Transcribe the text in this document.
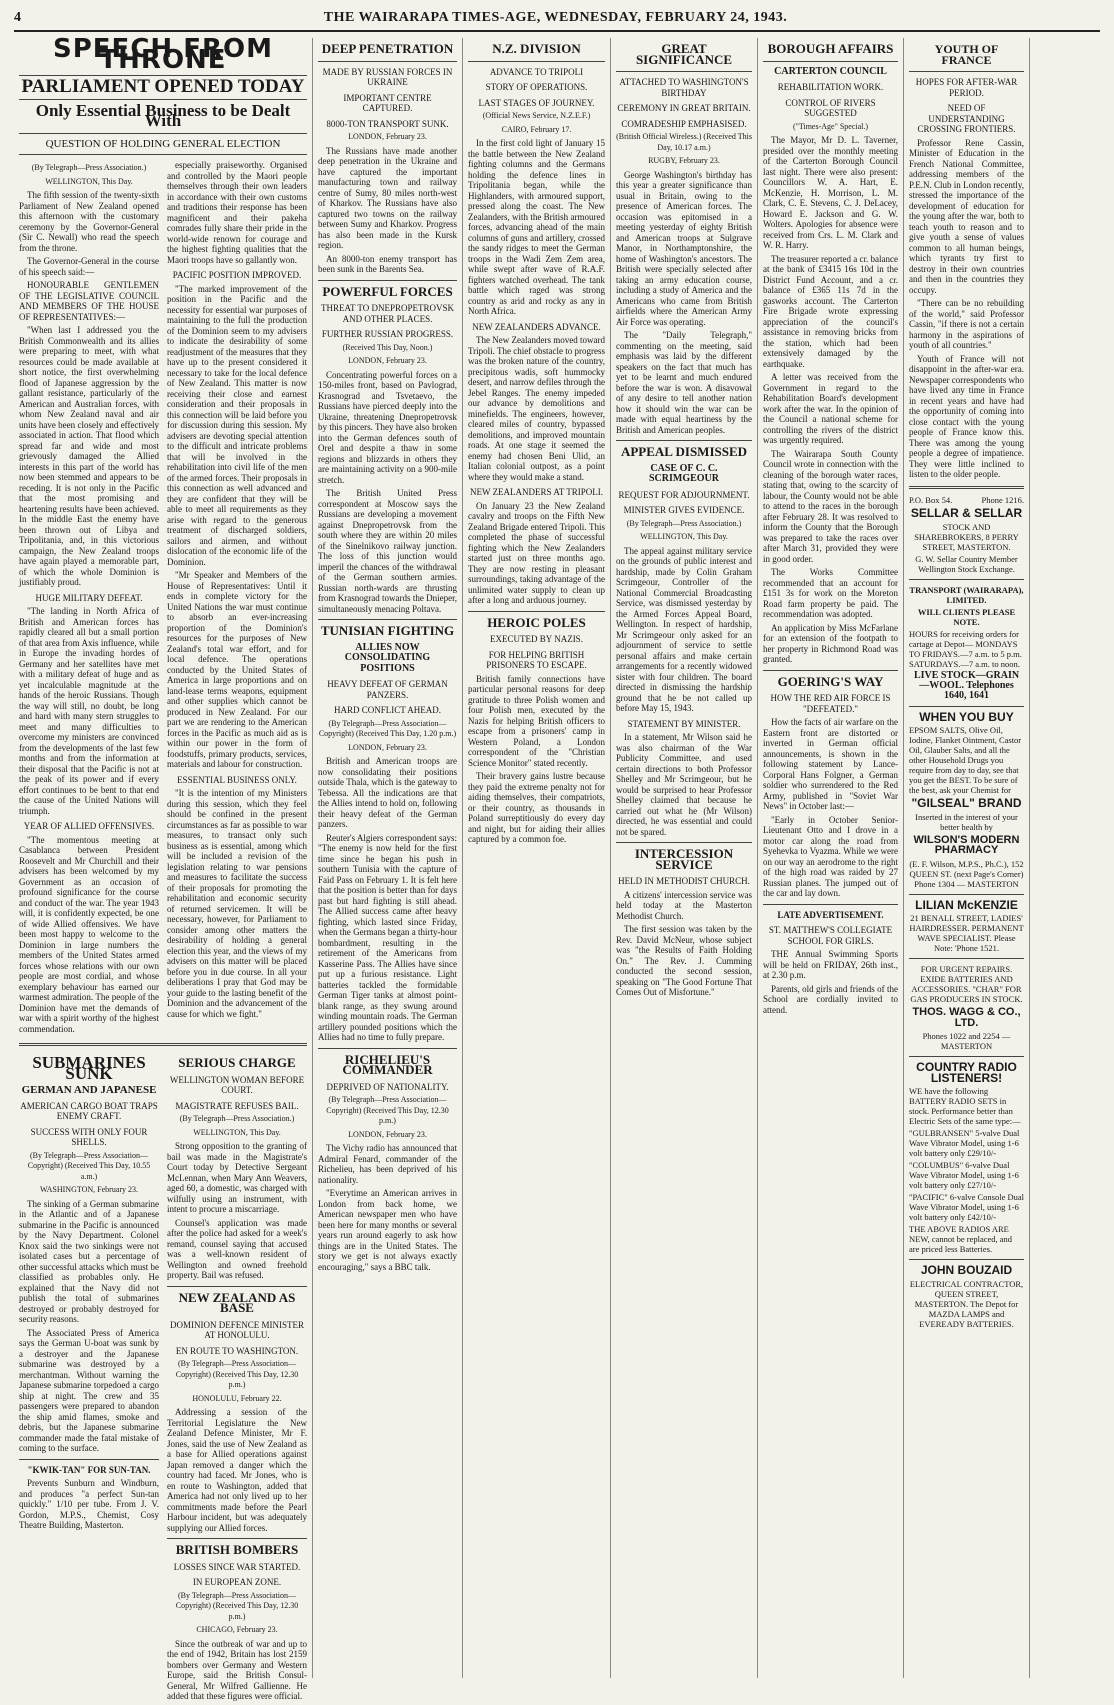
4	THE WAIRARAPA TIMES-AGE, WEDNESDAY, FEBRUARY 24, 1943.
SPEECH FROM THRONE
PARLIAMENT OPENED TODAY
Only Essential Business to be Dealt With
QUESTION OF HOLDING GENERAL ELECTION

(By Telegraph—Press Association.)

WELLINGTON, This Day.

The fifth session of the twenty-sixth Parliament of New Zealand opened this afternoon with the customary ceremony by the Governor-General (Sir C. Newall) who read the speech from the throne.

The Governor-General in the course of his speech said:—

HONOURABLE GENTLEMEN OF THE LEGISLATIVE COUNCIL AND MEMBERS OF THE HOUSE OF REPRESENTATIVES:—

"When last I addressed you the British Commonwealth and its allies were preparing to meet, with what resources could be made available at short notice, the first overwhelming flood of Japanese aggression by the gallant resistance, particularly of the American and Australian forces, with whom New Zealand naval and air units have been closely and effectively associated in action. That flood which spread far and wide and most grievously damaged the Allied interests in this part of the world has now been stemmed and appears to be receding. It is not only in the Pacific that the most promising and heartening results have been achieved. In the middle East the enemy have been thrown out of Libya and Tripolitania, and, in this victorious campaign, the New Zealand troops have again played a memorable part, of which the whole Dominion is justifiably proud.

HUGE MILITARY DEFEAT.

"The landing in North Africa of British and American forces has rapidly cleared all but a small portion of that area from Axis influence, while in Europe the invading hordes of Germany and her satellites have met with a military defeat of huge and as yet incalculable magnitude at the hands of the heroic Russians. Though the way will still, no doubt, be long and hard with many stern struggles to meet and many difficulties to overcome my ministers are convinced from the developments of the last few months and from the information at their disposal that the Pacific is not at the peak of its power and if every effort continues to be bent to that end the cause of the United Nations will triumph.

YEAR OF ALLIED OFFENSIVES.

"The momentous meeting at Casablanca between President Roosevelt and Mr Churchill and their advisers has been welcomed by my Government as an occasion of profound significance for the course and conduct of the war. The year 1943 will, it is confidently expected, be one of wide Allied offensives. We have been most happy to welcome to the Dominion in large numbers the members of the United States armed forces whose relations with our own people are most cordial, and whose exemplary behaviour has earned our warmest admiration. The people of the Dominion have met the demands of war with a spirit worthy of the highest commendation.

especially praiseworthy. Organised and controlled by the Maori people themselves through their own leaders in accordance with their own customs and traditions their response has been magnificent and their pakeha comrades fully share their pride in the world-wide renown for courage and the highest fighting qualities that the Maori troops have so gallantly won.

PACIFIC POSITION IMPROVED.

"The marked improvement of the position in the Pacific and the necessity for essential war purposes of maintaining to the full the production of the Dominion seem to my advisers to indicate the desirability of some readjustment of the measures that they have up to the present considered it necessary to take for the local defence of New Zealand. This matter is now receiving their close and earnest consideration and their proposals in this connection will be laid before you for discussion during this session. My advisers are devoting special attention to the difficult and intricate problems that will be involved in the rehabilitation into civil life of the men of the armed forces. Their proposals in this connection as well advanced and they are confident that they will be able to meet all requirements as they arise with regard to the generous treatment of discharged soldiers, sailors and airmen, and without dislocation of the economic life of the Dominion.

"Mr Speaker and Members of the House of Representatives: Until it ends in complete victory for the United Nations the war must continue to absorb an ever-increasing proportion of the Dominion's resources for the purposes of New Zealand's total war effort, and for local defence. The operations conducted by the United States of America in large proportions and on land-lease terms weapons, equipment and other supplies which cannot be produced in New Zealand. For our part we are rendering to the American forces in the Pacific as much aid as is within our power in the form of foodstuffs, primary products, services, materials and labour for construction.

ESSENTIAL BUSINESS ONLY.

"It is the intention of my Ministers during this session, which they feel should be confined in the present circumstances as far as possible to war measures, to transact only such business as is essential, among which will be included a revision of the legislation relating to war pensions and measures to facilitate the success of their proposals for promoting the rehabilitation and economic security of returned servicemen. It will be necessary, however, for Parliament to consider among other matters the desirability of holding a general election this year, and the views of my advisers on this matter will be placed before you in due course. In all your deliberations I pray that God may be your guide to the lasting benefit of the Dominion and the advancement of the cause for which we fight."

SUBMARINES SUNK
GERMAN AND JAPANESE
AMERICAN CARGO BOAT TRAPS ENEMY CRAFT.
SUCCESS WITH ONLY FOUR SHELLS.

(By Telegraph—Press Association—Copyright) (Received This Day, 10.55 a.m.)

WASHINGTON, February 23.

The sinking of a German submarine in the Atlantic and of a Japanese submarine in the Pacific is announced by the Navy Department. Colonel Knox said the two sinkings were not isolated cases but a percentage of other successful attacks which must be classified as probables only. He explained that the Navy did not publish the total of submarines destroyed or probably destroyed for security reasons.

The Associated Press of America says the German U-boat was sunk by a destroyer and the Japanese submarine was destroyed by a merchantman. Without warning the Japanese submarine torpedoed a cargo ship at night. The crew and 35 passengers were prepared to abandon the ship amid flames, smoke and debris, but the Japanese submarine commander made the fatal mistake of coming to the surface.

"KWIK-TAN" FOR SUN-TAN.

Prevents Sunburn and Windburn, and produces "a perfect Sun-tan quickly." 1/10 per tube. From J. V. Gordon, M.P.S., Chemist, Cosy Theatre Building, Masterton.

SERIOUS CHARGE
WELLINGTON WOMAN BEFORE COURT.
MAGISTRATE REFUSES BAIL.

(By Telegraph—Press Association.)

WELLINGTON, This Day.

Strong opposition to the granting of bail was made in the Magistrate's Court today by Detective Sergeant McLennan, when Mary Ann Weavers, aged 60, a domestic, was charged with wilfully using an instrument, with intent to procure a miscarriage.

Counsel's application was made after the police had asked for a week's remand, counsel saying that accused was a well-known resident of Wellington and owned freehold property. Bail was refused.

NEW ZEALAND AS BASE
DOMINION DEFENCE MINISTER AT HONOLULU.
EN ROUTE TO WASHINGTON.

(By Telegraph—Press Association—Copyright) (Received This Day, 12.30 p.m.)

HONOLULU, February 22.

Addressing a session of the Territorial Legislature the New Zealand Defence Minister, Mr F. Jones, said the use of New Zealand as a base for Allied operations against Japan removed a danger which the country had faced. Mr Jones, who is en route to Washington, added that America had not only lived up to her commitments made before the Pearl Harbour incident, but was adequately supplying our Allied forces.

BRITISH BOMBERS
LOSSES SINCE WAR STARTED.
IN EUROPEAN ZONE.

(By Telegraph—Press Association—Copyright) (Received This Day, 12.30 p.m.)

CHICAGO, February 23.

Since the outbreak of war and up to the end of 1942, Britain has lost 2159 bombers over Germany and Western Europe, said the British Consul-General, Mr Wilfred Gallienne. He added that these figures were official.

DEEP PENETRATION
MADE BY RUSSIAN FORCES IN UKRAINE
IMPORTANT CENTRE CAPTURED.
8000-TON TRANSPORT SUNK.

LONDON, February 23.

The Russians have made another deep penetration in the Ukraine and have captured the important manufacturing town and railway centre of Sumy, 80 miles north-west of Kharkov. The Russians have also captured two towns on the railway between Sumy and Kharkov. Progress has also been made in the Kursk region.

An 8000-ton enemy transport has been sunk in the Barents Sea.

POWERFUL FORCES
THREAT TO DNEPROPETROVSK AND OTHER PLACES.
FURTHER RUSSIAN PROGRESS.

(Received This Day, Noon.)

LONDON, February 23.

Concentrating powerful forces on a 150-miles front, based on Pavlograd, Krasnograd and Tsvetaevo, the Russians have pierced deeply into the Ukraine, threatening Dnepropetrovsk by this pincers. They have also broken into the German defences south of Orel and despite a thaw in some regions and blizzards in others they are maintaining activity on a 900-mile stretch.

The British United Press correspondent at Moscow says the Russians are developing a movement against Dnepropetrovsk from the south where they are within 20 miles of the Sinelnikovo railway junction. The loss of this junction would imperil the chances of the withdrawal of the German southern armies. Russian north-wards are thrusting from Krasnograd towards the Dnieper, simultaneously menacing Poltava.

TUNISIAN FIGHTING
ALLIES NOW CONSOLIDATING POSITIONS
HEAVY DEFEAT OF GERMAN PANZERS.
HARD CONFLICT AHEAD.

(By Telegraph—Press Association—Copyright) (Received This Day, 1.20 p.m.)

LONDON, February 23.

British and American troops are now consolidating their positions outside Thala, which is the gateway to Tebessa. All the indications are that the Allies intend to hold on, following their heavy defeat of the German panzers.

Reuter's Algiers correspondent says: "The enemy is now held for the first time since he began his push in southern Tunisia with the capture of Faid Pass on February 1. It is felt here that the position is better than for days past but hard fighting is still ahead. The Allied success came after heavy fighting, which lasted since Friday, when the Germans began a thirty-hour bombardment, resulting in the retirement of the Americans from Kasserine Pass. The Allies have since put up a furious resistance. Light batteries tackled the formidable German Tiger tanks at almost point-blank range, as they swung around winding mountain roads. The German artillery pounded positions which the Allies had no time to fully prepare.

RICHELIEU'S COMMANDER
DEPRIVED OF NATIONALITY.

(By Telegraph—Press Association—Copyright) (Received This Day, 12.30 p.m.)

LONDON, February 23.

The Vichy radio has announced that Admiral Fenard, commander of the Richelieu, has been deprived of his nationality.

"Everytime an American arrives in London from back home, we American newspaper men who have been here for many months or several years run around eagerly to ask how things are in the United States. The story we get is not always exactly encouraging," says a BBC talk.

N.Z. DIVISION
ADVANCE TO TRIPOLI
STORY OF OPERATIONS.
LAST STAGES OF JOURNEY.

(Official News Service, N.Z.E.F.)

CAIRO, February 17.

In the first cold light of January 15 the battle between the New Zealand fighting columns and the Germans holding the defence lines in Tripolitania began, while the Highlanders, with armoured support, pressed along the coast. The New Zealanders, with the British armoured forces, advancing ahead of the main columns of guns and artillery, crossed the sandy ridges to meet the German troops in the Wadi Zem Zem area, while swept after wave of R.A.F. fighters watched overhead. The tank battle which raged was strong country as arid and rocky as any in North Africa.

NEW ZEALANDERS ADVANCE.

The New Zealanders moved toward Tripoli. The chief obstacle to progress was the broken nature of the country, precipitous wadis, soft hummocky desert, and narrow defiles through the Jebel Ranges. The enemy impeded our advance by demolitions and minefields. The engineers, however, cleared miles of country, bypassed demolitions, and improved mountain roads. At one stage it seemed the enemy had chosen Beni Ulid, an Italian colonial outpost, as a point where they would make a stand.

NEW ZEALANDERS AT TRIPOLI.

On January 23 the New Zealand cavalry and troops on the Fifth New Zealand Brigade entered Tripoli. This completed the phase of successful fighting which the New Zealanders started just on three months ago. They are now resting in pleasant surroundings, taking advantage of the unlimited water supply to clean up after a long and arduous journey.

HEROIC POLES
EXECUTED BY NAZIS.
FOR HELPING BRITISH PRISONERS TO ESCAPE.

British family connections have particular personal reasons for deep gratitude to three Polish women and four Polish men, executed by the Nazis for helping British officers to escape from a prisoners' camp in Western Poland, a London correspondent of the "Christian Science Monitor" stated recently.

Their bravery gains lustre because they paid the extreme penalty not for aiding themselves, their compatriots, or their country, as thousands in Poland surreptitiously do every day and night, but for aiding their allies captured by a common foe.

GREAT SIGNIFICANCE
ATTACHED TO WASHINGTON'S BIRTHDAY
CEREMONY IN GREAT BRITAIN.
COMRADESHIP EMPHASISED.

(British Official Wireless.) (Received This Day, 10.17 a.m.)

RUGBY, February 23.

George Washington's birthday has this year a greater significance than usual in Britain, owing to the presence of American forces. The occasion was epitomised in a meeting yesterday of eighty British and American troops at Sulgrave Manor, in Northamptonshire, the home of Washington's ancestors. The British were specially selected after taking an army education course, including a study of America and the Americans who came from British airfields where the American Army Air Force was operating.

The "Daily Telegraph," commenting on the meeting, said emphasis was laid by the different speakers on the fact that much has yet to be learnt and much endured before the war is won. A disavowal of any desire to tell another nation how it should win the war can be made with equal heartiness by the British and American peoples.

APPEAL DISMISSED
CASE OF C. C. SCRIMGEOUR
REQUEST FOR ADJOURNMENT.
MINISTER GIVES EVIDENCE.

(By Telegraph—Press Association.)

WELLINGTON, This Day.

The appeal against military service on the grounds of public interest and hardship, made by Colin Graham Scrimgeour, Controller of the National Commercial Broadcasting Service, was dismissed yesterday by the Armed Forces Appeal Board, Wellington. In respect of hardship, Mr Scrimgeour only asked for an adjournment of service to settle personal affairs and make certain arrangements for a recently widowed sister with four children. The board directed in dismissing the hardship ground that he be not called up before May 15, 1943.

STATEMENT BY MINISTER.

In a statement, Mr Wilson said he was also chairman of the War Publicity Committee, and used certain directions to both Professor Shelley and Mr Scrimgeour, but he would be surprised to hear Professor Shelley claimed that because he carried out what he (Mr Wilson) directed, he was essential and could not be spared.

INTERCESSION SERVICE
HELD IN METHODIST CHURCH.

A citizens' intercession service was held today at the Masterton Methodist Church.

The first session was taken by the Rev. David McNeur, whose subject was "the Results of Faith Holding On." The Rev. J. Cumming conducted the second session, speaking on "The Good Fortune That Comes Out of Misfortune."

BOROUGH AFFAIRS
CARTERTON COUNCIL
REHABILITATION WORK.
CONTROL OF RIVERS SUGGESTED

("Times-Age" Special.)

The Mayor, Mr D. L. Taverner, presided over the monthly meeting of the Carterton Borough Council last night. There were also present: Councillors W. A. Hart, E. McKenzie, H. Morrison, L. M. Clark, C. E. Stevens, C. J. DeLacey, Howard E. Jackson and G. W. Wolters. Apologies for absence were received from Crs. L. M. Clark and W. R. Harry.

The treasurer reported a cr. balance at the bank of £3415 16s 10d in the District Fund Account, and a cr. balance of £365 11s 7d in the gasworks account. The Carterton Fire Brigade wrote expressing appreciation of the council's assistance in removing bricks from the station, which had been extensively damaged by the earthquake.

A letter was received from the Government in regard to the Rehabilitation Board's development work after the war. In the opinion of the Council a national scheme for controlling the rivers of the district was urgently required.

The Wairarapa South County Council wrote in connection with the cleaning of the borough water races, stating that, owing to the scarcity of labour, the County would not be able to attend to the races in the borough after February 28. It was resolved to inform the County that the Borough was prepared to take the races over after March 31, provided they were in good order.

The Works Committee recommended that an account for £151 3s for work on the Moreton Road farm property be paid. The recommendation was adopted.

An application by Miss McFarlane for an extension of the footpath to her property in Richmond Road was granted.

GOERING'S WAY
HOW THE RED AIR FORCE IS "DEFEATED."

How the facts of air warfare on the Eastern front are distorted or inverted in German official announcements, is shown in the following statement by Lance-Corporal Hans Folgner, a German soldier who surrendered to the Red Army, published in "Soviet War News" in October last:—

"Early in October Senior-Lieutenant Otto and I drove in a motor car along the road from Syehevka to Vyazma. While we were on our way an aerodrome to the right of the high road was raided by 27 Russian planes. The jumped out of the car and lay down.

LATE ADVERTISEMENT.
ST. MATTHEW'S COLLEGIATE SCHOOL FOR GIRLS.

THE Annual Swimming Sports will be held on FRIDAY, 26th inst., at 2.30 p.m.

Parents, old girls and friends of the School are cordially invited to attend.

YOUTH OF FRANCE
HOPES FOR AFTER-WAR PERIOD.
NEED OF UNDERSTANDING CROSSING FRONTIERS.

Professor Rene Cassin, Minister of Education in the French National Committee, addressing members of the P.E.N. Club in London recently, stressed the importance of the development of education for the young after the war, both to teach youth to reason and to give youth a sense of values common to all human beings, which tyrants try first to destroy in their own countries and then in the countries they occupy.

"There can be no rebuilding of the world," said Professor Cassin, "if there is not a certain harmony in the aspirations of youth of all countries."

Youth of France will not disappoint in the after-war era. Newspaper correspondents who have lived any time in France in recent years and have had the opportunity of coming into close contact with the young people of France know this. There was among the young people a degree of impatience. They were little inclined to listen to the older people.

P.O. Box 54.	Phone 1216.
SELLAR & SELLAR
STOCK AND SHAREBROKERS, 8 PERRY STREET, MASTERTON.
G. W. Sellar Country Member Wellington Stock Exchange.
TRANSPORT (WAIRARAPA), LIMITED.
WILL CLIENTS PLEASE NOTE.
HOURS for receiving orders for cartage at Depot— MONDAYS TO FRIDAYS.—7 a.m. to 5 p.m. SATURDAYS.—7 a.m. to noon.
LIVE STOCK—GRAIN—WOOL. Telephones 1640, 1641
WHEN YOU BUY
EPSOM SALTS, Olive Oil, Iodine, Flanket Ointment, Castor Oil, Glauber Salts, and all the other Household Drugs you require from day to day, see that you get the BEST. To be sure of the best, ask your Chemist for
"GILSEAL" BRAND
Inserted in the interest of your better health by
WILSON'S MODERN PHARMACY
(E. F. Wilson, M.P.S., Ph.C.), 152 QUEEN ST. (next Page's Corner) Phone 1304 — MASTERTON
LILIAN McKENZIE
21 BENALL STREET, LADIES' HAIRDRESSER. PERMANENT WAVE SPECIALIST. Please Note: 'Phone 1521.
FOR URGENT REPAIRS. EXIDE BATTERIES AND ACCESSORIES. "CHAR" FOR GAS PRODUCERS IN STOCK.
THOS. WAGG & CO., LTD.
Phones 1022 and 2254 — MASTERTON
COUNTRY RADIO LISTENERS!
WE have the following BATTERY RADIO SETS in stock. Performance better than Electric Sets of the same type:—
"GULBRANSEN" 5-valve Dual Wave Vibrator Model, using 1-6 volt battery only £29/10/-
"COLUMBUS" 6-valve Dual Wave Vibrator Model, using 1-6 volt battery only £27/10/-
"PACIFIC" 6-valve Console Dual Wave Vibrator Model, using 1-6 volt battery only £42/10/-
THE ABOVE RADIOS ARE NEW, cannot be replaced, and are priced less Batteries.
JOHN BOUZAID
ELECTRICAL CONTRACTOR, QUEEN STREET, MASTERTON. The Depot for MAZDA LAMPS and EVEREADY BATTERIES.
